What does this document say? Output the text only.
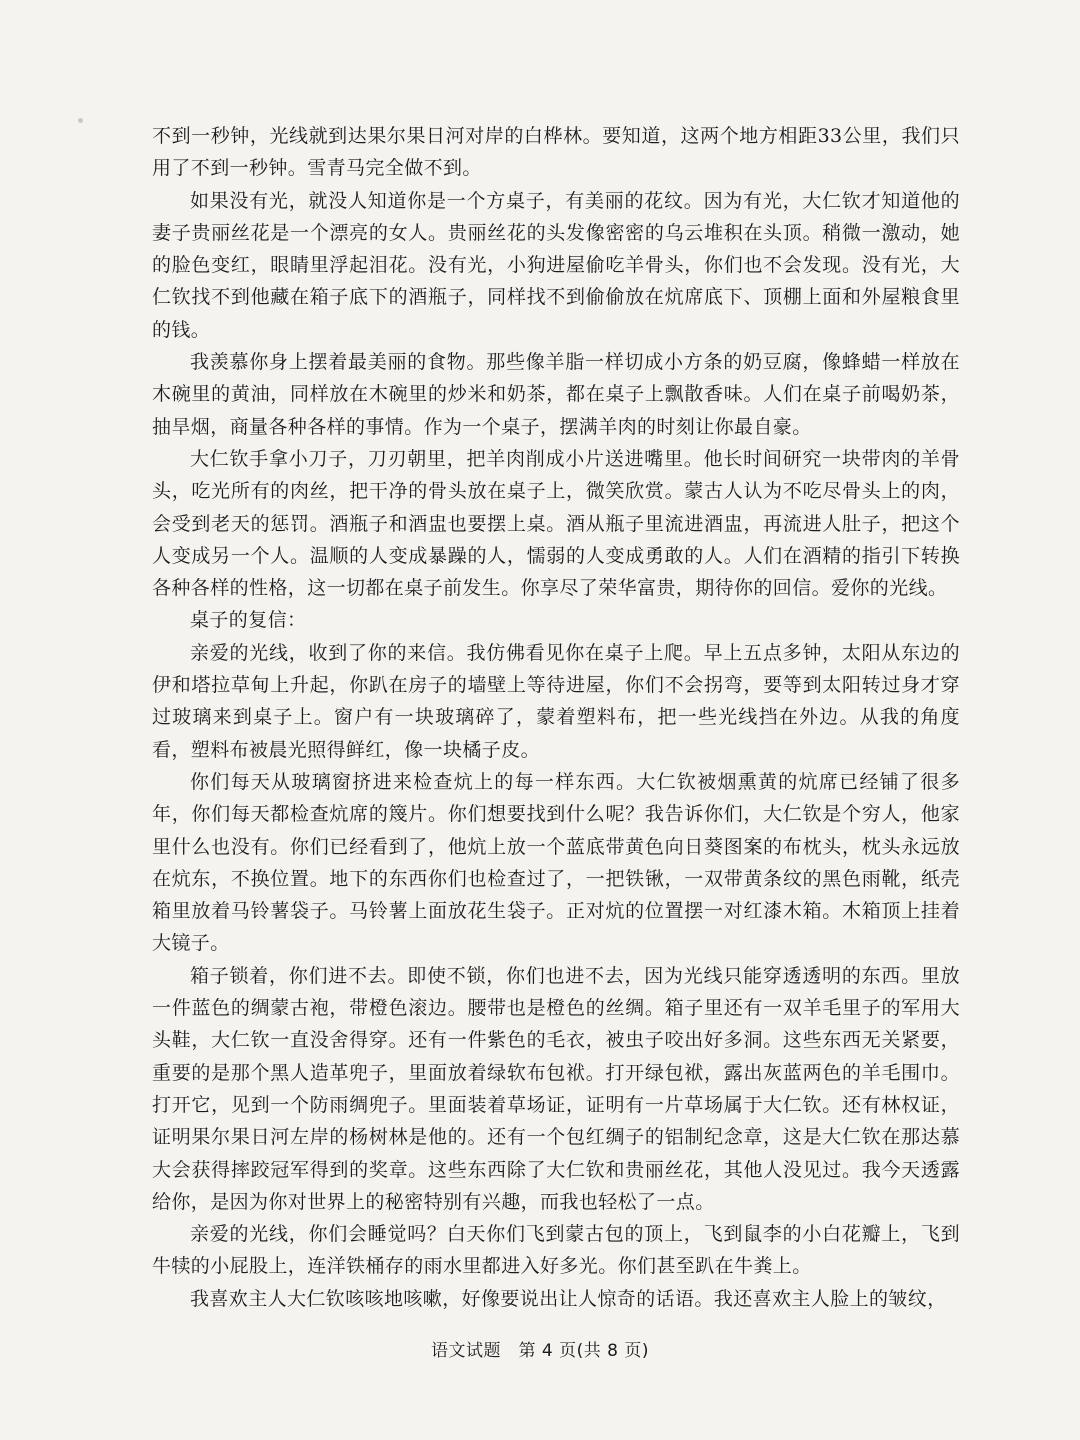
不到一秒钟，光线就到达果尔果日河对岸的白桦林。要知道，这两个地方相距33公里，我们只用了不到一秒钟。雪青马完全做不到。

如果没有光，就没人知道你是一个方桌子，有美丽的花纹。因为有光，大仁钦才知道他的妻子贵丽丝花是一个漂亮的女人。贵丽丝花的头发像密密的乌云堆积在头顶。稍微一激动，她的脸色变红，眼睛里浮起泪花。没有光，小狗进屋偷吃羊骨头，你们也不会发现。没有光，大仁钦找不到他藏在箱子底下的酒瓶子，同样找不到偷偷放在炕席底下、顶棚上面和外屋粮食里的钱。

我羡慕你身上摆着最美丽的食物。那些像羊脂一样切成小方条的奶豆腐，像蜂蜡一样放在木碗里的黄油，同样放在木碗里的炒米和奶茶，都在桌子上飘散香味。人们在桌子前喝奶茶，抽旱烟，商量各种各样的事情。作为一个桌子，摆满羊肉的时刻让你最自豪。

大仁钦手拿小刀子，刀刃朝里，把羊肉削成小片送进嘴里。他长时间研究一块带肉的羊骨头，吃光所有的肉丝，把干净的骨头放在桌子上，微笑欣赏。蒙古人认为不吃尽骨头上的肉，会受到老天的惩罚。酒瓶子和酒盅也要摆上桌。酒从瓶子里流进酒盅，再流进人肚子，把这个人变成另一个人。温顺的人变成暴躁的人，懦弱的人变成勇敢的人。人们在酒精的指引下转换各种各样的性格，这一切都在桌子前发生。你享尽了荣华富贵，期待你的回信。爱你的光线。

桌子的复信：

亲爱的光线，收到了你的来信。我仿佛看见你在桌子上爬。早上五点多钟，太阳从东边的伊和塔拉草甸上升起，你趴在房子的墙壁上等待进屋，你们不会拐弯，要等到太阳转过身才穿过玻璃来到桌子上。窗户有一块玻璃碎了，蒙着塑料布，把一些光线挡在外边。从我的角度看，塑料布被晨光照得鲜红，像一块橘子皮。

你们每天从玻璃窗挤进来检查炕上的每一样东西。大仁钦被烟熏黄的炕席已经铺了很多年，你们每天都检查炕席的篾片。你们想要找到什么呢？我告诉你们，大仁钦是个穷人，他家里什么也没有。你们已经看到了，他炕上放一个蓝底带黄色向日葵图案的布枕头，枕头永远放在炕东，不换位置。地下的东西你们也检查过了，一把铁锹，一双带黄条纹的黑色雨靴，纸壳箱里放着马铃薯袋子。马铃薯上面放花生袋子。正对炕的位置摆一对红漆木箱。木箱顶上挂着大镜子。

箱子锁着，你们进不去。即使不锁，你们也进不去，因为光线只能穿透透明的东西。里放一件蓝色的绸蒙古袍，带橙色滚边。腰带也是橙色的丝绸。箱子里还有一双羊毛里子的军用大头鞋，大仁钦一直没舍得穿。还有一件紫色的毛衣，被虫子咬出好多洞。这些东西无关紧要，重要的是那个黑人造革兜子，里面放着绿软布包袱。打开绿包袱，露出灰蓝两色的羊毛围巾。打开它，见到一个防雨绸兜子。里面装着草场证，证明有一片草场属于大仁钦。还有林权证，证明果尔果日河左岸的杨树林是他的。还有一个包红绸子的铝制纪念章，这是大仁钦在那达慕大会获得摔跤冠军得到的奖章。这些东西除了大仁钦和贵丽丝花，其他人没见过。我今天透露给你，是因为你对世界上的秘密特别有兴趣，而我也轻松了一点。

亲爱的光线，你们会睡觉吗？白天你们飞到蒙古包的顶上，飞到鼠李的小白花瓣上，飞到牛犊的小屁股上，连洋铁桶存的雨水里都进入好多光。你们甚至趴在牛粪上。

我喜欢主人大仁钦咳咳地咳嗽，好像要说出让人惊奇的话语。我还喜欢主人脸上的皱纹，

语文试题　第 4 页(共 8 页)
